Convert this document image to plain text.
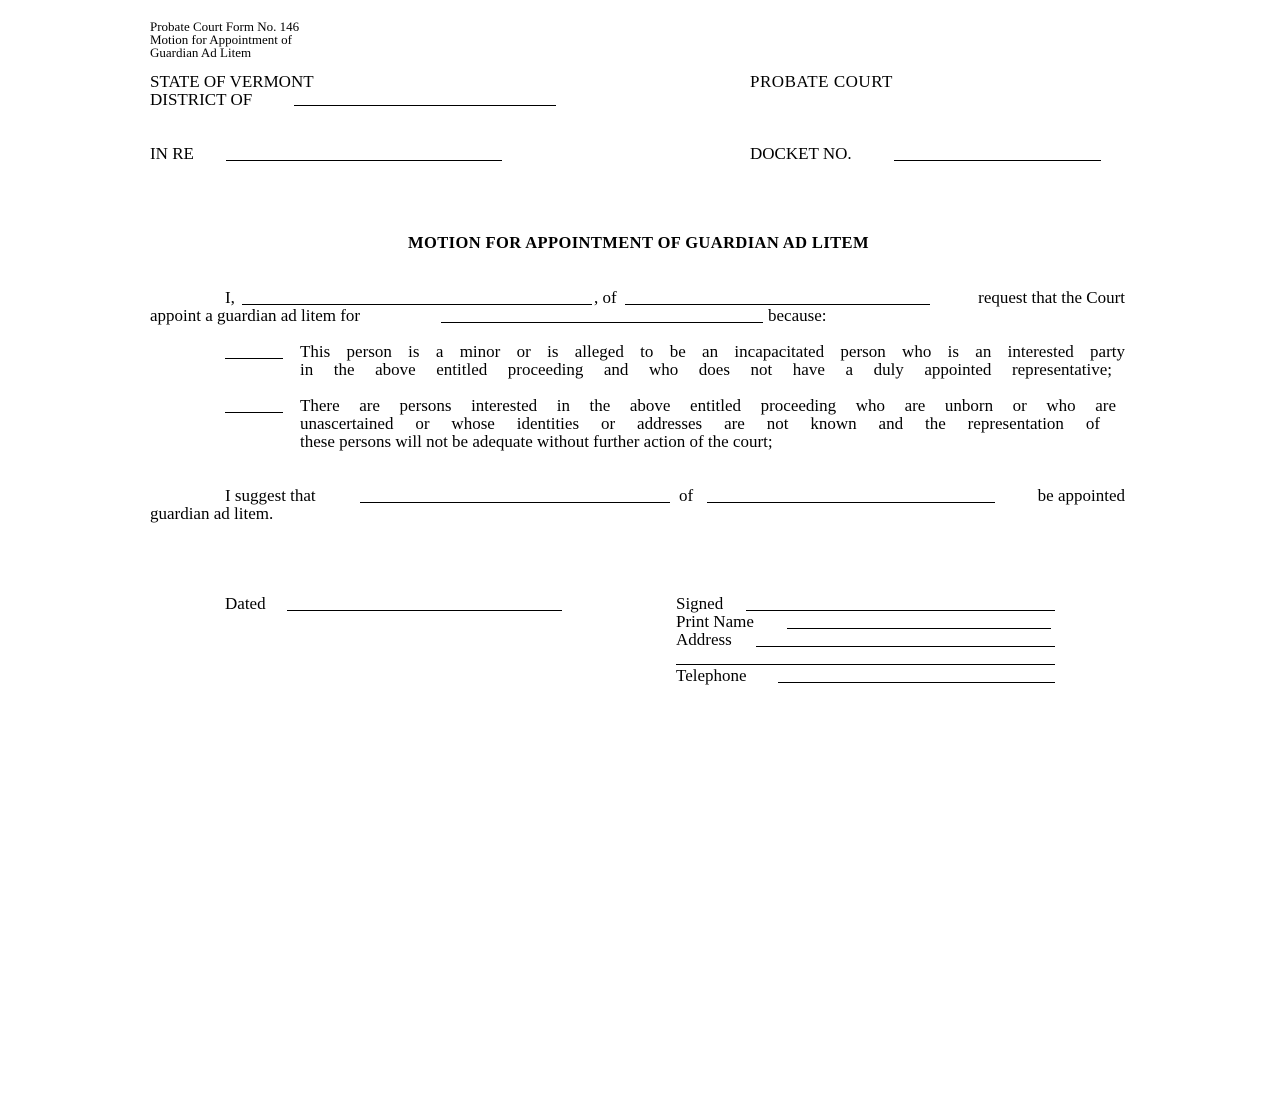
Probate Court Form No. 146
Motion for Appointment of
Guardian Ad Litem
STATE OF VERMONT	PROBATE COURT
DISTRICT OF
IN RE	DOCKET NO.
MOTION FOR APPOINTMENT OF GUARDIAN AD LITEM
I,	, of	request that the Court
appoint a guardian ad litem for	because:
This person is a minor or is alleged to be an incapacitated person who is an interested party
in the above entitled proceeding and who does not have a duly appointed representative;
There are persons interested in the above entitled proceeding who are unborn or who are
unascertained or whose identities or addresses are not known and the representation of
these persons will not be adequate without further action of the court;
I suggest that	of	be appointed
guardian ad litem.
Dated	Signed
Print Name
Address
Telephone
